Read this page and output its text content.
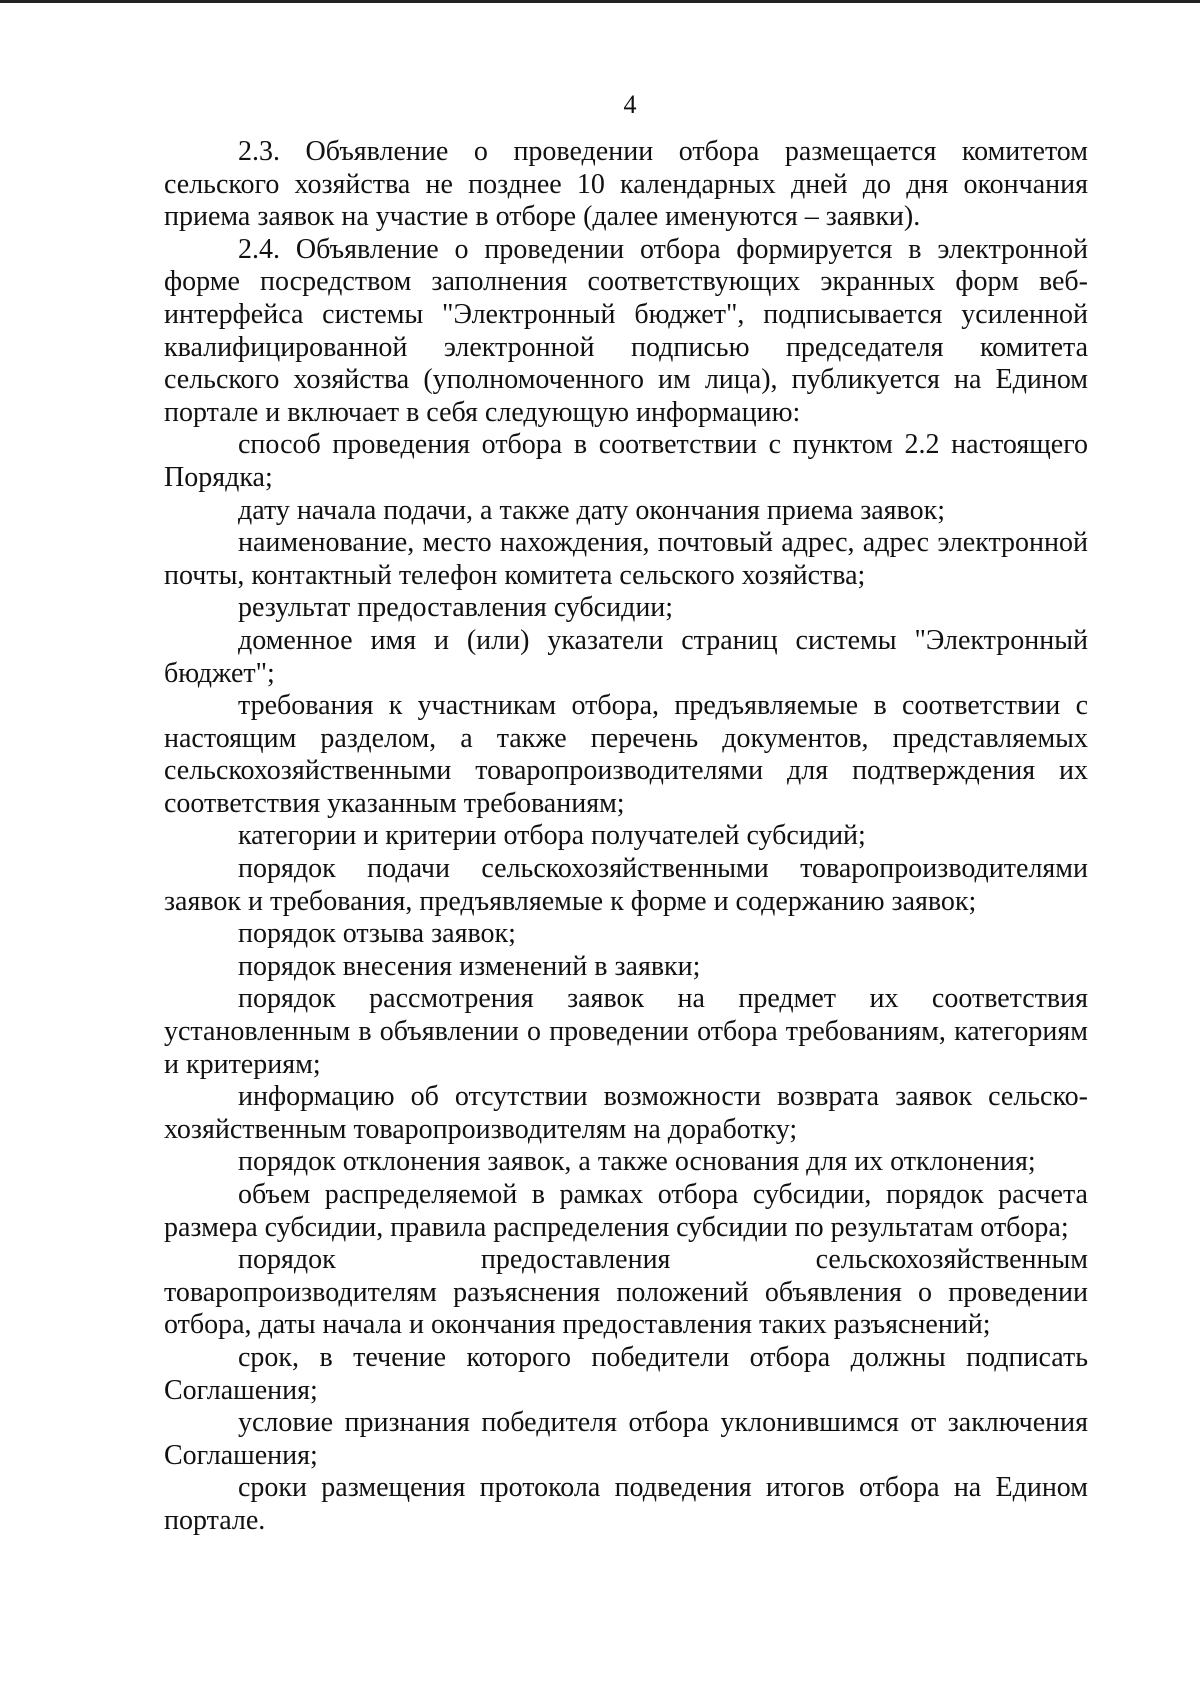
4

2.3. Объявление о проведении отбора размещается комитетом сельского хозяйства не позднее 10 календарных дней до дня окончания приема заявок на участие в отборе (далее именуются – заявки).

2.4. Объявление о проведении отбора формируется в электронной форме посредством заполнения соответствующих экранных форм веб-интерфейса системы "Электронный бюджет", подписывается усиленной квалифицированной электронной подписью председателя комитета сельского хозяйства (уполномоченного им лица), публикуется на Едином портале и включает в себя следующую информацию:

способ проведения отбора в соответствии с пунктом 2.2 настоящего Порядка;

дату начала подачи, а также дату окончания приема заявок;

наименование, место нахождения, почтовый адрес, адрес электронной почты, контактный телефон комитета сельского хозяйства;

результат предоставления субсидии;

доменное имя и (или) указатели страниц системы "Электронный бюджет";

требования к участникам отбора, предъявляемые в соответствии с настоящим разделом, а также перечень документов, представляемых сельскохозяйственными товаропроизводителями для подтверждения их соответствия указанным требованиям;

категории и критерии отбора получателей субсидий;

порядок подачи сельскохозяйственными товаропроизводителями заявок и требования, предъявляемые к форме и содержанию заявок;

порядок отзыва заявок;

порядок внесения изменений в заявки;

порядок рассмотрения заявок на предмет их соответствия установленным в объявлении о проведении отбора требованиям, категориям и критериям;

информацию об отсутствии возможности возврата заявок сельско-хозяйственным товаропроизводителям на доработку;

порядок отклонения заявок, а также основания для их отклонения;

объем распределяемой в рамках отбора субсидии, порядок расчета размера субсидии, правила распределения субсидии по результатам отбора;

порядок предоставления сельскохозяйственным товаропроизводителям разъяснения положений объявления о проведении отбора, даты начала и окончания предоставления таких разъяснений;

срок, в течение которого победители отбора должны подписать Соглашения;

условие признания победителя отбора уклонившимся от заключения Соглашения;

сроки размещения протокола подведения итогов отбора на Едином портале.
